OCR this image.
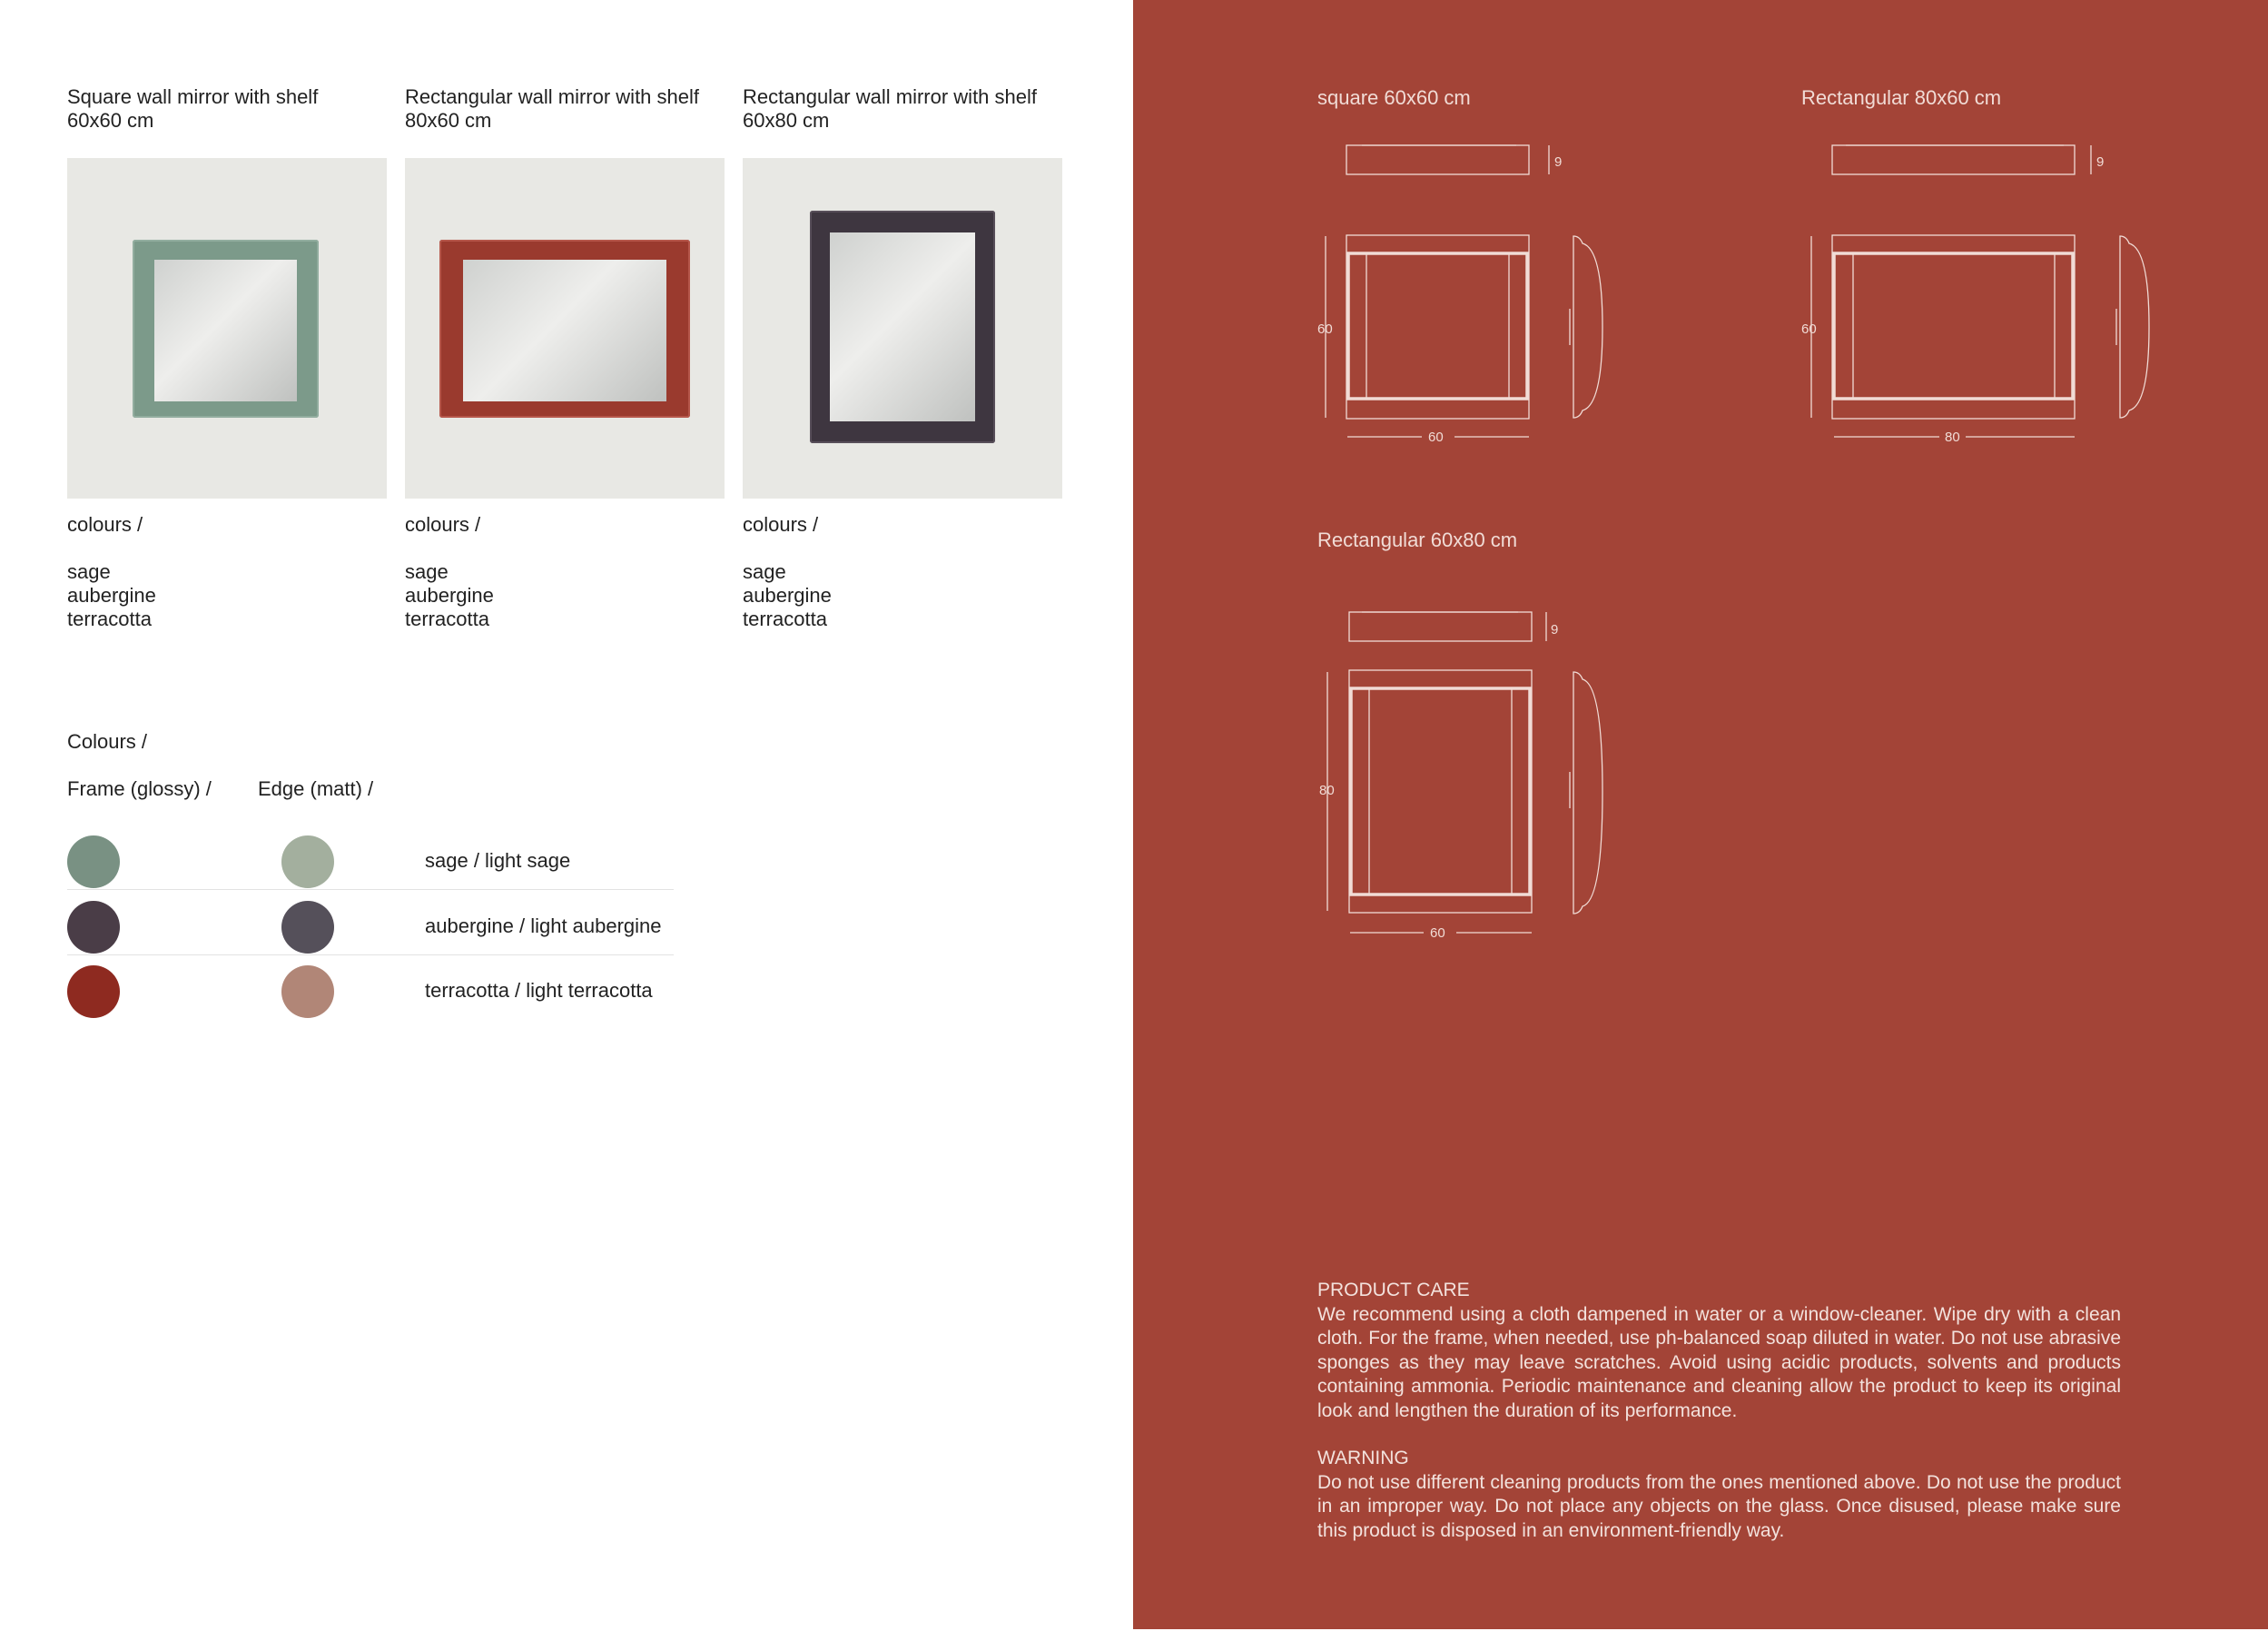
Square wall mirror with shelf
60x60 cm
colours /
sage
aubergine
terracotta
Rectangular wall mirror with shelf
80x60 cm
colours /
sage
aubergine
terracotta
Rectangular wall mirror with shelf
60x80 cm
colours /
sage
aubergine
terracotta
Colours /
Frame (glossy) / Edge (matt) /
sage / light sage
aubergine / light aubergine
terracotta / light terracotta
square 60x60 cm
9
60
60
Rectangular 80x60 cm
9
60
80
Rectangular 60x80 cm
9
80
60
PRODUCT CARE
We recommend using a cloth dampened in water or a window-cleaner. Wipe dry with a clean cloth. For the frame, when needed, use ph-balanced soap diluted in water. Do not use abrasive sponges as they may leave scratches. Avoid using acidic products, solvents and products containing ammonia. Periodic maintenance and cleaning allow the product to keep its original look and lengthen the duration of its performance.
WARNING
Do not use different cleaning products from the ones mentioned above. Do not use the product in an improper way. Do not place any objects on the glass. Once disused, please make sure this product is disposed in an environment-friendly way.
